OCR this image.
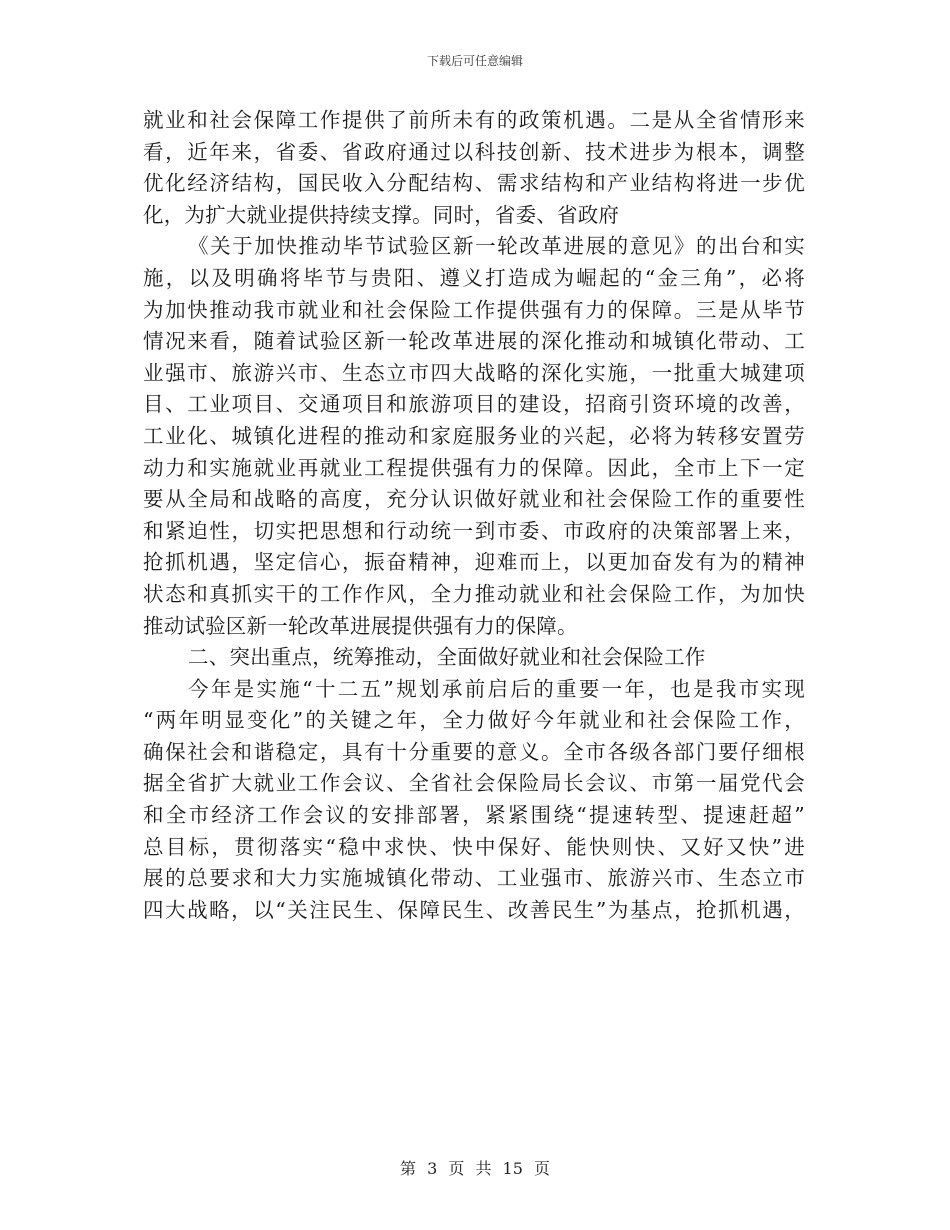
下载后可任意编辑
就业和社会保障工作提供了前所未有的政策机遇。二是从全省情形来
看，近年来，省委、省政府通过以科技创新、技术进步为根本，调整
优化经济结构，国民收入分配结构、需求结构和产业结构将进一步优
化，为扩大就业提供持续支撑。同时，省委、省政府
《关于加快推动毕节试验区新一轮改革进展的意见》的出台和实
施，以及明确将毕节与贵阳、遵义打造成为崛起的“金三角”，必将
为加快推动我市就业和社会保险工作提供强有力的保障。三是从毕节
情况来看，随着试验区新一轮改革进展的深化推动和城镇化带动、工
业强市、旅游兴市、生态立市四大战略的深化实施，一批重大城建项
目、工业项目、交通项目和旅游项目的建设，招商引资环境的改善，
工业化、城镇化进程的推动和家庭服务业的兴起，必将为转移安置劳
动力和实施就业再就业工程提供强有力的保障。因此，全市上下一定
要从全局和战略的高度，充分认识做好就业和社会保险工作的重要性
和紧迫性，切实把思想和行动统一到市委、市政府的决策部署上来，
抢抓机遇，坚定信心，振奋精神，迎难而上，以更加奋发有为的精神
状态和真抓实干的工作作风，全力推动就业和社会保险工作，为加快
推动试验区新一轮改革进展提供强有力的保障。
二、突出重点，统筹推动，全面做好就业和社会保险工作
今年是实施“十二五”规划承前启后的重要一年，也是我市实现
“两年明显变化”的关键之年，全力做好今年就业和社会保险工作，
确保社会和谐稳定，具有十分重要的意义。全市各级各部门要仔细根
据全省扩大就业工作会议、全省社会保险局长会议、市第一届党代会
和全市经济工作会议的安排部署，紧紧围绕“提速转型、提速赶超”
总目标，贯彻落实“稳中求快、快中保好、能快则快、又好又快”进
展的总要求和大力实施城镇化带动、工业强市、旅游兴市、生态立市
四大战略，以“关注民生、保障民生、改善民生”为基点，抢抓机遇，
第 3 页 共 15 页
